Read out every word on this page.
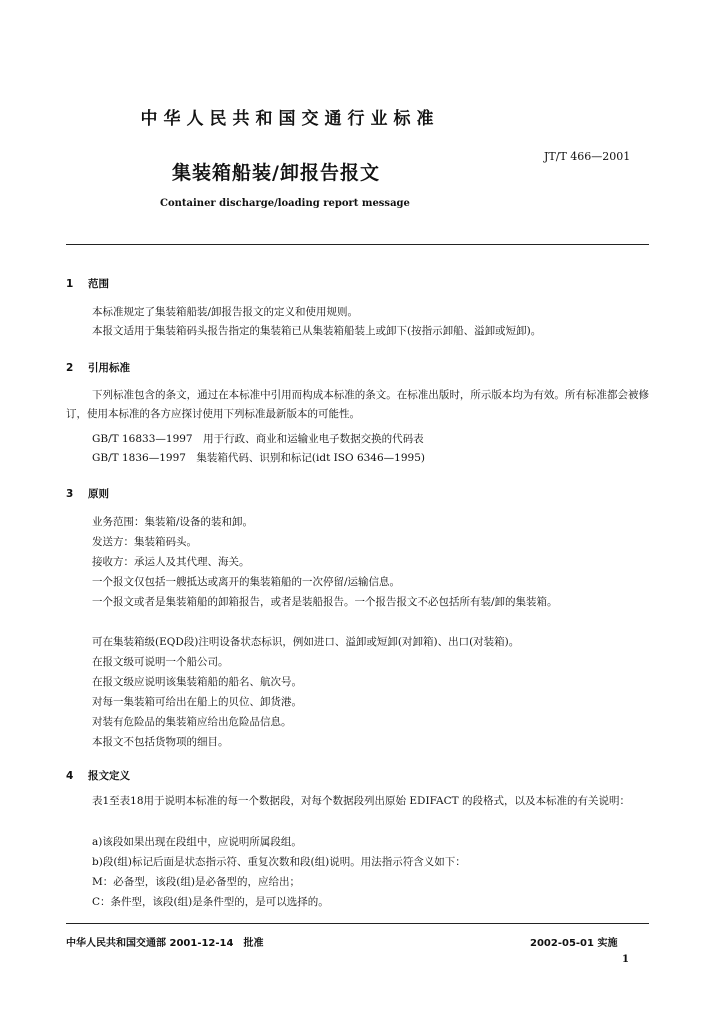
中华人民共和国交通行业标准
集装箱船装/卸报告报文
JT/T 466—2001
Container discharge/loading report message
1 范围
本标准规定了集装箱船装/卸报告报文的定义和使用规则。
本报文适用于集装箱码头报告指定的集装箱已从集装箱船装上或卸下(按指示卸船、溢卸或短卸)。
2 引用标准
下列标准包含的条文，通过在本标准中引用而构成本标准的条文。在标准出版时，所示版本均为有效。所有标准都会被修订，使用本标准的各方应探讨使用下列标准最新版本的可能性。
GB/T 16833—1997　用于行政、商业和运输业电子数据交换的代码表
GB/T 1836—1997　集装箱代码、识别和标记(idt ISO 6346—1995)
3 原则
业务范围：集装箱/设备的装和卸。
发送方：集装箱码头。
接收方：承运人及其代理、海关。
一个报文仅包括一艘抵达或离开的集装箱船的一次停留/运输信息。
一个报文或者是集装箱船的卸箱报告，或者是装船报告。一个报告报文不必包括所有装/卸的集装箱。
可在集装箱级(EQD段)注明设备状态标识，例如进口、溢卸或短卸(对卸箱)、出口(对装箱)。
在报文级可说明一个船公司。
在报文级应说明该集装箱船的船名、航次号。
对每一集装箱可给出在船上的贝位、卸货港。
对装有危险品的集装箱应给出危险品信息。
本报文不包括货物项的细目。
4 报文定义
表1至表18用于说明本标准的每一个数据段，对每个数据段列出原始 EDIFACT 的段格式，以及本标准的有关说明：
a)该段如果出现在段组中，应说明所属段组。
b)段(组)标记后面是状态指示符、重复次数和段(组)说明。用法指示符含义如下：
M：必备型，该段(组)是必备型的，应给出；
C：条件型，该段(组)是条件型的，是可以选择的。
中华人民共和国交通部 2001-12-14　批准	2002-05-01 实施
1
